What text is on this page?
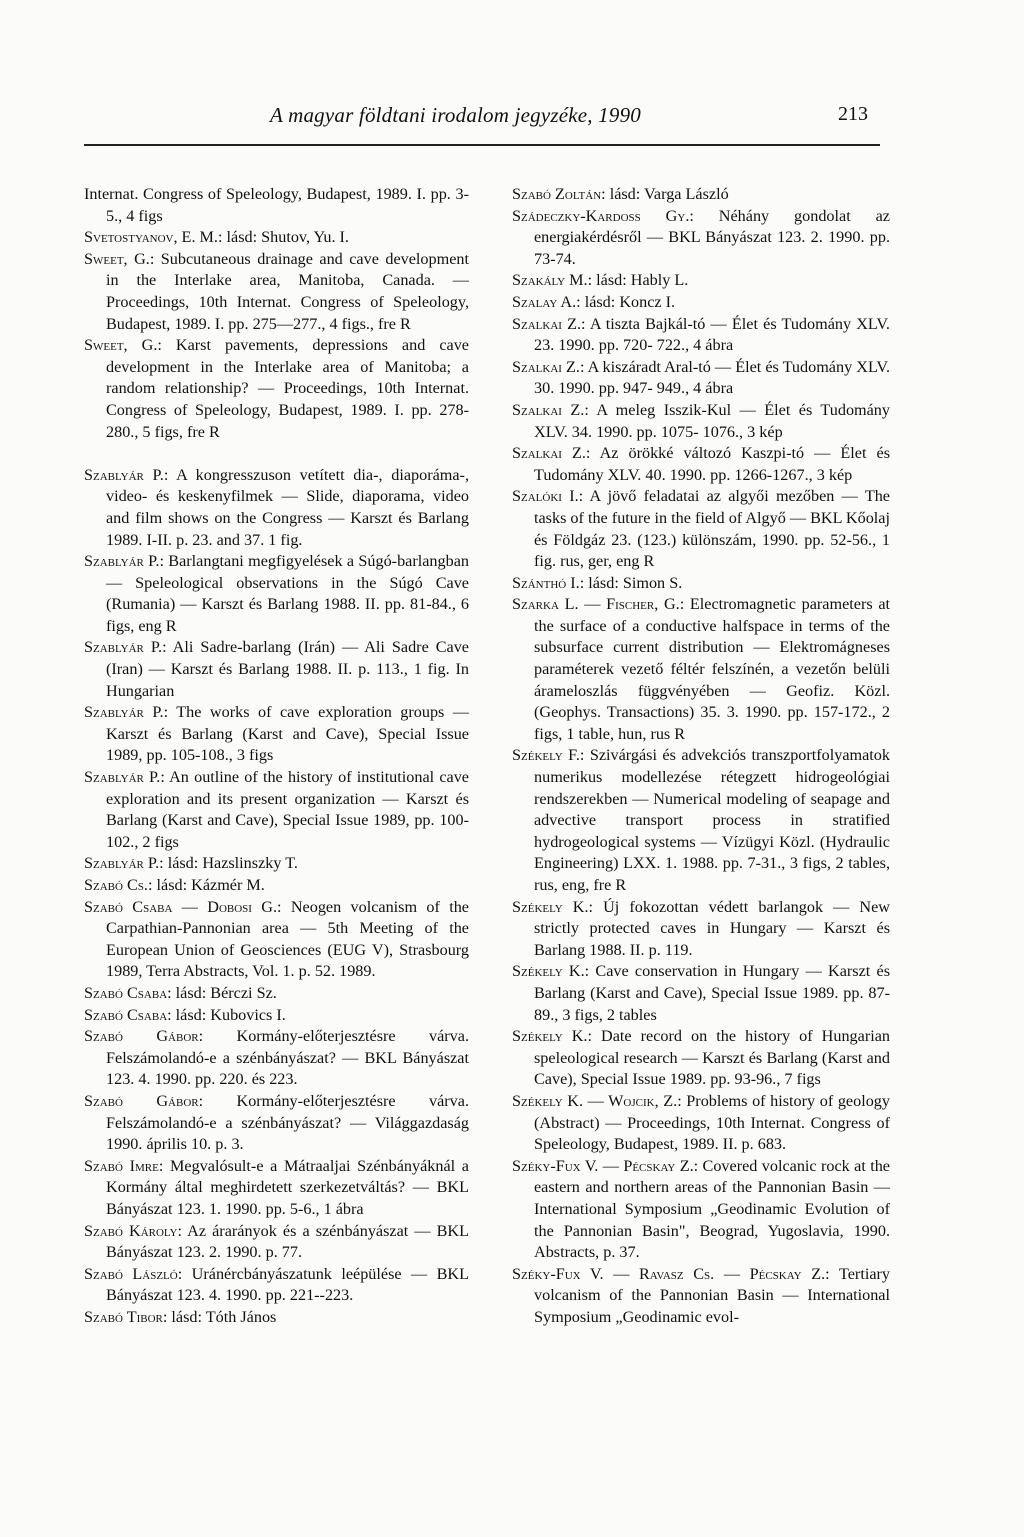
A magyar földtani irodalom jegyzéke, 1990	213

Internat. Congress of Speleology, Budapest, 1989. I. pp. 3-5., 4 figs

Svetostyanov, E. M.: lásd: Shutov, Yu. I.

Sweet, G.: Subcutaneous drainage and cave development in the Interlake area, Manitoba, Canada. — Proceedings, 10th Internat. Congress of Speleology, Budapest, 1989. I. pp. 275—277., 4 figs., fre R

Sweet, G.: Karst pavements, depressions and cave development in the Interlake area of Manitoba; a random relationship? — Proceedings, 10th Internat. Congress of Speleology, Budapest, 1989. I. pp. 278-280., 5 figs, fre R

Szablyár P.: A kongresszuson vetített dia-, diaporáma-, video- és keskenyfilmek — Slide, diaporama, video and film shows on the Congress — Karszt és Barlang 1989. I-II. p. 23. and 37. 1 fig.

Szablyár P.: Barlangtani megfigyelések a Súgó-barlangban — Speleological observations in the Súgó Cave (Rumania) — Karszt és Barlang 1988. II. pp. 81-84., 6 figs, eng R

Szablyár P.: Ali Sadre-barlang (Irán) — Ali Sadre Cave (Iran) — Karszt és Barlang 1988. II. p. 113., 1 fig. In Hungarian

Szablyár P.: The works of cave exploration groups — Karszt és Barlang (Karst and Cave), Special Issue 1989, pp. 105-108., 3 figs

Szablyár P.: An outline of the history of institutional cave exploration and its present organization — Karszt és Barlang (Karst and Cave), Special Issue 1989, pp. 100-102., 2 figs

Szablyár P.: lásd: Hazslinszky T.

Szabó Cs.: lásd: Kázmér M.

Szabó Csaba — Dobosi G.: Neogen volcanism of the Carpathian-Pannonian area — 5th Meeting of the European Union of Geosciences (EUG V), Strasbourg 1989, Terra Abstracts, Vol. 1. p. 52. 1989.

Szabó Csaba: lásd: Bérczi Sz.

Szabó Csaba: lásd: Kubovics I.

Szabó Gábor: Kormány-előterjesztésre várva. Felszámolandó-e a szénbányászat? — BKL Bányászat 123. 4. 1990. pp. 220. és 223.

Szabó Gábor: Kormány-előterjesztésre várva. Felszámolandó-e a szénbányászat? — Világgazdaság 1990. április 10. p. 3.

Szabó Imre: Megvalósult-e a Mátraaljai Szénbányáknál a Kormány által meghirdetett szerkezetváltás? — BKL Bányászat 123. 1. 1990. pp. 5-6., 1 ábra

Szabó Károly: Az árarányok és a szénbányászat — BKL Bányászat 123. 2. 1990. p. 77.

Szabó László: Uránércbányászatunk leépülése — BKL Bányászat 123. 4. 1990. pp. 221--223.

Szabó Tibor: lásd: Tóth János

Szabó Zoltán: lásd: Varga László

Szádeczky-Kardoss Gy.: Néhány gondolat az energiakérdésről — BKL Bányászat 123. 2. 1990. pp. 73-74.

Szakály M.: lásd: Hably L.

Szalay A.: lásd: Koncz I.

Szalkai Z.: A tiszta Bajkál-tó — Élet és Tudomány XLV. 23. 1990. pp. 720- 722., 4 ábra

Szalkai Z.: A kiszáradt Aral-tó — Élet és Tudomány XLV. 30. 1990. pp. 947- 949., 4 ábra

Szalkai Z.: A meleg Isszik-Kul — Élet és Tudomány XLV. 34. 1990. pp. 1075- 1076., 3 kép

Szalkai Z.: Az örökké változó Kaszpi-tó — Élet és Tudomány XLV. 40. 1990. pp. 1266-1267., 3 kép

Szalóki I.: A jövő feladatai az algyői mezőben — The tasks of the future in the field of Algyő — BKL Kőolaj és Földgáz 23. (123.) különszám, 1990. pp. 52-56., 1 fig. rus, ger, eng R

Szánthó I.: lásd: Simon S.

Szarka L. — Fischer, G.: Electromagnetic parameters at the surface of a conductive halfspace in terms of the subsurface current distribution — Elektromágneses paraméterek vezető féltér felszínén, a vezetőn belüli árameloszlás függvényében — Geofiz. Közl. (Geophys. Transactions) 35. 3. 1990. pp. 157-172., 2 figs, 1 table, hun, rus R

Székely F.: Szivárgási és advekciós transzportfolyamatok numerikus modellezése rétegzett hidrogeológiai rendszerekben — Numerical modeling of seapage and advective transport process in stratified hydrogeological systems — Vízügyi Közl. (Hydraulic Engineering) LXX. 1. 1988. pp. 7-31., 3 figs, 2 tables, rus, eng, fre R

Székely K.: Új fokozottan védett barlangok — New strictly protected caves in Hungary — Karszt és Barlang 1988. II. p. 119.

Székely K.: Cave conservation in Hungary — Karszt és Barlang (Karst and Cave), Special Issue 1989. pp. 87-89., 3 figs, 2 tables

Székely K.: Date record on the history of Hungarian speleological research — Karszt és Barlang (Karst and Cave), Special Issue 1989. pp. 93-96., 7 figs

Székely K. — Wojcik, Z.: Problems of history of geology (Abstract) — Proceedings, 10th Internat. Congress of Speleology, Budapest, 1989. II. p. 683.

Széky-Fux V. — Pécskay Z.: Covered volcanic rock at the eastern and northern areas of the Pannonian Basin — International Symposium „Geodinamic Evolution of the Pannonian Basin", Beograd, Yugoslavia, 1990. Abstracts, p. 37.

Széky-Fux V. — Ravasz Cs. — Pécskay Z.: Tertiary volcanism of the Pannonian Basin — International Symposium „Geodinamic evol-
